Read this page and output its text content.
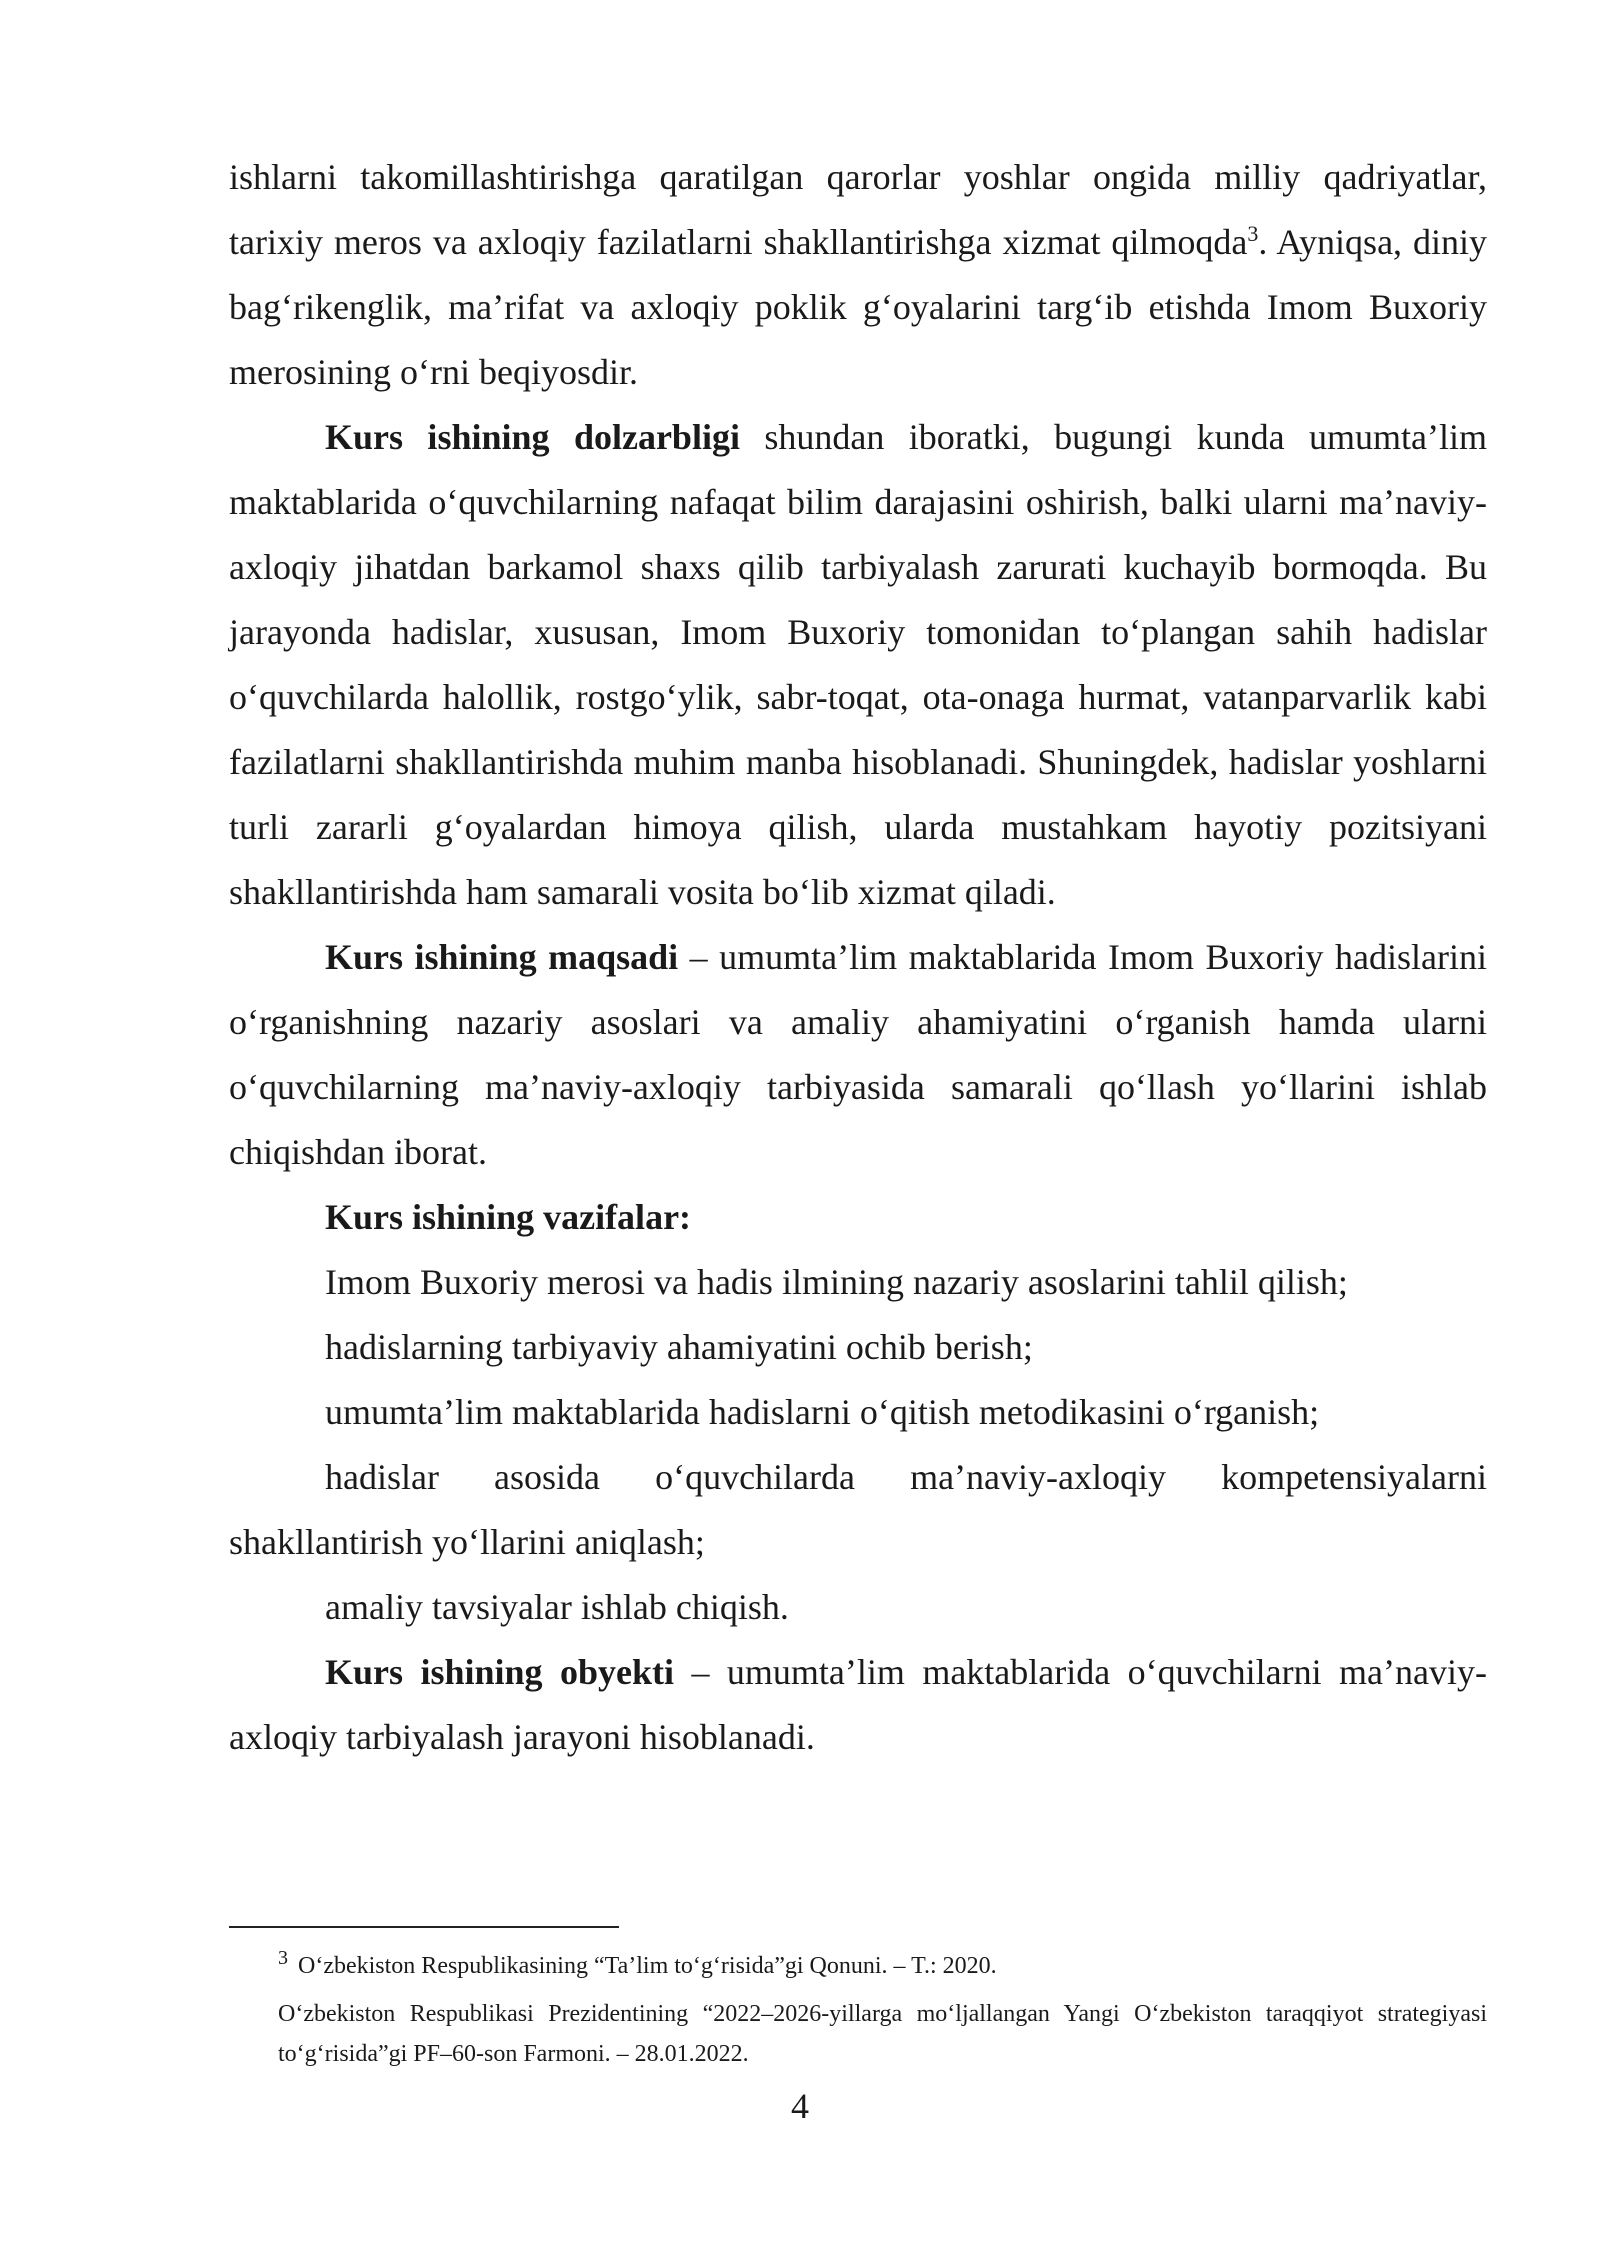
ishlarni takomillashtirishga qaratilgan qarorlar yoshlar ongida milliy qadriyatlar, tarixiy meros va axloqiy fazilatlarni shakllantirishga xizmat qilmoqda$^3$. Ayniqsa, diniy bag‘rikenglik, ma’rifat va axloqiy poklik g‘oyalarini targ‘ib etishda Imom Buxoriy merosining o‘rni beqiyosdir.

Kurs ishining dolzarbligi shundan iboratki, bugungi kunda umumta’lim maktablarida o‘quvchilarning nafaqat bilim darajasini oshirish, balki ularni ma’naviy-axloqiy jihatdan barkamol shaxs qilib tarbiyalash zarurati kuchayib bormoqda. Bu jarayonda hadislar, xususan, Imom Buxoriy tomonidan to‘plangan sahih hadislar o‘quvchilarda halollik, rostgo‘ylik, sabr-toqat, ota-onaga hurmat, vatanparvarlik kabi fazilatlarni shakllantirishda muhim manba hisoblanadi. Shuningdek, hadislar yoshlarni turli zararli g‘oyalardan himoya qilish, ularda mustahkam hayotiy pozitsiyani shakllantirishda ham samarali vosita bo‘lib xizmat qiladi.

Kurs ishining maqsadi – umumta’lim maktablarida Imom Buxoriy hadislarini o‘rganishning nazariy asoslari va amaliy ahamiyatini o‘rganish hamda ularni o‘quvchilarning ma’naviy-axloqiy tarbiyasida samarali qo‘llash yo‘llarini ishlab chiqishdan iborat.

Kurs ishining vazifalar:

Imom Buxoriy merosi va hadis ilmining nazariy asoslarini tahlil qilish;

hadislarning tarbiyaviy ahamiyatini ochib berish;

umumta’lim maktablarida hadislarni o‘qitish metodikasini o‘rganish;

hadislar asosida o‘quvchilarda ma’naviy-axloqiy kompetensiyalarni shakllantirish yo‘llarini aniqlash;

amaliy tavsiyalar ishlab chiqish.

Kurs ishining obyekti – umumta’lim maktablarida o‘quvchilarni ma’naviy-axloqiy tarbiyalash jarayoni hisoblanadi.

$^3$ O‘zbekiston Respublikasining “Ta’lim to‘g‘risida”gi Qonuni. – T.: 2020.

O‘zbekiston Respublikasi Prezidentining “2022–2026-yillarga mo‘ljallangan Yangi O‘zbekiston taraqqiyot strategiyasi to‘g‘risida”gi PF–60-son Farmoni. – 28.01.2022.

4
